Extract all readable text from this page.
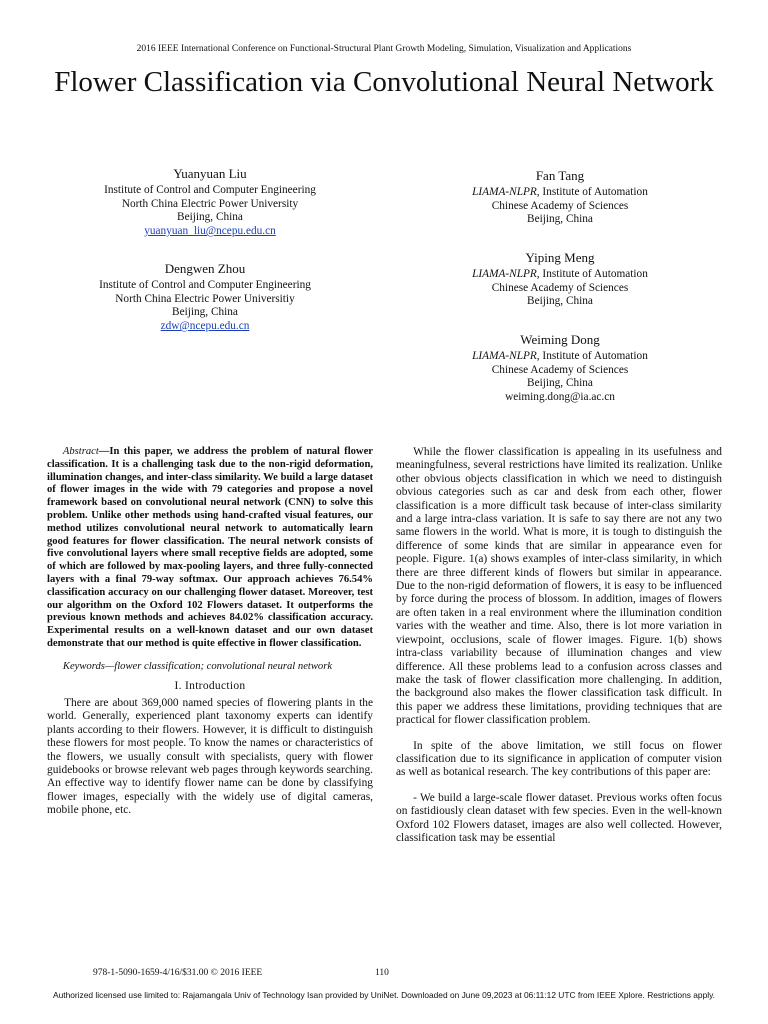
2016 IEEE International Conference on Functional-Structural Plant Growth Modeling, Simulation, Visualization and Applications
Flower Classification via Convolutional Neural Network
Yuanyuan Liu
Institute of Control and Computer Engineering
North China Electric Power University
Beijing, China
yuanyuan_liu@ncepu.edu.cn
Dengwen Zhou
Institute of Control and Computer Engineering
North China Electric Power Universitiy
Beijing, China
zdw@ncepu.edu.cn
Fan Tang
LIAMA-NLPR, Institute of Automation
Chinese Academy of Sciences
Beijing, China
Yiping Meng
LIAMA-NLPR, Institute of Automation
Chinese Academy of Sciences
Beijing, China
Weiming Dong
LIAMA-NLPR, Institute of Automation
Chinese Academy of Sciences
Beijing, China
weiming.dong@ia.ac.cn
Abstract—In this paper, we address the problem of natural flower classification. It is a challenging task due to the non-rigid deformation, illumination changes, and inter-class similarity. We build a large dataset of flower images in the wide with 79 categories and propose a novel framework based on convolutional neural network (CNN) to solve this problem. Unlike other methods using hand-crafted visual features, our method utilizes convolutional neural network to automatically learn good features for flower classification. The neural network consists of five convolutional layers where small receptive fields are adopted, some of which are followed by max-pooling layers, and three fully-connected layers with a final 79-way softmax. Our approach achieves 76.54% classification accuracy on our challenging flower dataset. Moreover, test our algorithm on the Oxford 102 Flowers dataset. It outperforms the previous known methods and achieves 84.02% classification accuracy. Experimental results on a well-known dataset and our own dataset demonstrate that our method is quite effective in flower classification.
Keywords—flower classification; convolutional neural network
I. Introduction

There are about 369,000 named species of flowering plants in the world. Generally, experienced plant taxonomy experts can identify plants according to their flowers. However, it is difficult to distinguish these flowers for most people. To know the names or characteristics of the flowers, we usually consult with specialists, query with flower guidebooks or browse relevant web pages through keywords searching. An effective way to identify flower name can be done by classifying flower images, especially with the widely use of digital cameras, mobile phone, etc.

While the flower classification is appealing in its usefulness and meaningfulness, several restrictions have limited its realization. Unlike other obvious objects classification in which we need to distinguish obvious categories such as car and desk from each other, flower classification is a more difficult task because of inter-class similarity and a large intra-class variation. It is safe to say there are not any two same flowers in the world. What is more, it is tough to distinguish the difference of some kinds that are similar in appearance even for people. Figure. 1(a) shows examples of inter-class similarity, in which there are three different kinds of flowers but similar in appearance. Due to the non-rigid deformation of flowers, it is easy to be influenced by force during the process of blossom. In addition, images of flowers are often taken in a real environment where the illumination condition varies with the weather and time. Also, there is lot more variation in viewpoint, occlusions, scale of flower images. Figure. 1(b) shows intra-class variability because of illumination changes and view difference. All these problems lead to a confusion across classes and make the task of flower classification more challenging. In addition, the background also makes the flower classification task difficult. In this paper we address these limitations, providing techniques that are practical for flower classification problem.

In spite of the above limitation, we still focus on flower classification due to its significance in application of computer vision as well as botanical research. The key contributions of this paper are:

- We build a large-scale flower dataset. Previous works often focus on fastidiously clean dataset with few species. Even in the well-known Oxford 102 Flowers dataset, images are also well collected. However, classification task may be essential

978-1-5090-1659-4/16/$31.00 © 2016 IEEE	110
Authorized licensed use limited to: Rajamangala Univ of Technology Isan provided by UniNet. Downloaded on June 09,2023 at 06:11:12 UTC from IEEE Xplore. Restrictions apply.
